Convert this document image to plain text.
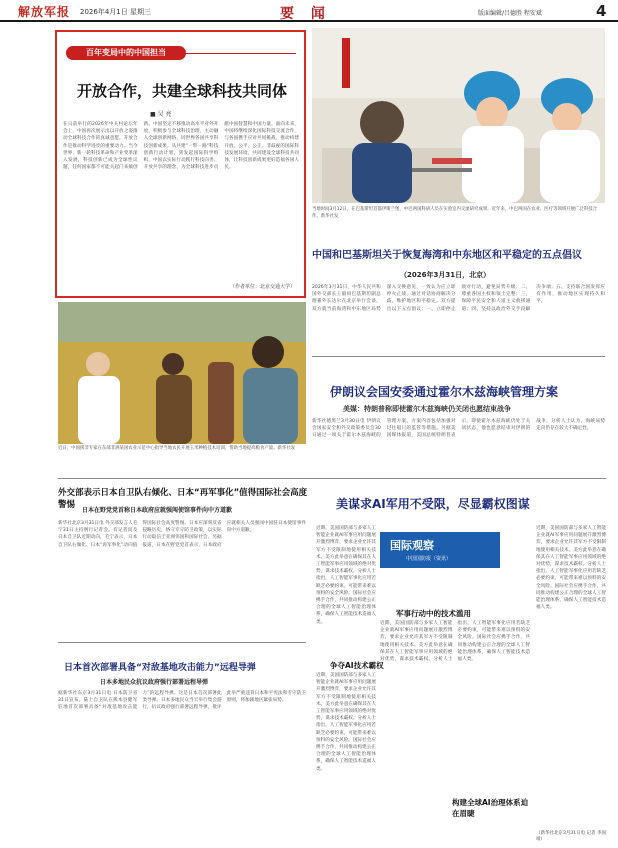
解放军报 2026年4月1日 星期三	要 闻	版面编辑/吕德胜 程安斌	4
百年变局中的中国担当
开放合作，共建全球科技共同体
■ 吴 亮
在日前举行的2026年中关村论坛年会上，中国再次展示出以开放之姿推动全球科技合作的真诚意愿。开放合作是推动科学进步的重要动力。当今世界，新一轮科技革命和产业变革深入发展，科技创新已成为全球性议题，任何国家都不可能关起门来搞创新。中国坚定不移推动高水平对外开放，积极参与全球科技治理，主动融入全球创新网络，同世界各国共享科技创新成果。从共建“一带一路”科技创新行动计划，到发起国际科学组织，中国以实际行动践行科技向善、开放共享的理念，为全球科技进步贡献中国智慧和中国力量。面向未来，中国将继续深化国际科技交流合作，与各国携手应对共同挑战，推动构建开放、公平、公正、非歧视的国际科技发展环境，共同建设全球科技共同体，让科技创新成果更好造福各国人民。
（作者单位：北京交通大学）
当地时间3月12日，在巴基斯坦首都伊斯兰堡，中巴两国科研人员在实验室内交流研究成果。近年来，中巴两国在农业、医疗等领域开展广泛科技合作。新华社发
中国和巴基斯坦关于恢复海湾和中东地区和平稳定的五点倡议
（2026年3月31日，北京）
2026年3月31日，中华人民共和国外交部长王毅同巴基斯坦副总理兼外长达尔在北京举行会谈。双方就当前海湾和中东地区局势深入交换意见，一致认为应立即停火止战，通过对话协商解决分歧，维护地区和平稳定。双方提出以下五点倡议：一、立即停止敌对行动，避免局势升级；二、尊重各国主权和领土完整；三、保障平民安全和人道主义救援通道；四、坚持以政治外交手段解决争端；五、支持联合国发挥应有作用，推动地区实现持久和平。
近日，中国援非专家在东部非洲某国农业示范中心指导当地农民开展玉米种植技术培训，帮助当地提高粮食产量。新华社发
伊朗议会国安委通过霍尔木兹海峡管理方案
美媒：特朗普称即使霍尔木兹海峡仍关闭也愿结束战争
新华社德黑兰3月30日电 伊朗议会国家安全和外交政策委员会30日通过一项关于霍尔木兹海峡的管理方案。方案内容包括加强对过往船只的监管等措施。另据美国媒体报道，美国总统特朗普表示，即使霍尔木兹海峡仍处于关闭状态，他也愿意结束对伊朗的战争。分析人士认为，海峡局势走向仍存在较大不确定性。
外交部表示日本自卫队右倾化、日本“再军事化”值得国际社会高度警惕
日本在野党党首称日本政府应就强闯使馆事件向中方道歉
新华社北京3月31日电 外交部发言人毛宁31日主持例行记者会。有记者问及日本自卫队近期动向，毛宁表示，日本自卫队右倾化、日本“再军事化”动向值得国际社会高度警惕。日本应深刻反省侵略历史，恪守专守防卫政策，以实际行动取信于亚洲邻国和国际社会。另据报道，日本在野党党首表示，日本政府应就相关人员强闯中国驻日本使馆事件向中方道歉。
日本首次部署具备“对敌基地攻击能力”远程导弹
日本多地民众抗议政府强行部署远程导弹
据新华社东京3月31日电 日本防卫省31日宣布，陆上自卫队在熊本县健军驻地首次部署具备“对敌基地攻击能力”的远程导弹。这是日本首次部署此类导弹。日本多地民众当天举行集会游行，抗议政府强行部署远程导弹，批评此举严重违背日本和平宪法和专守防卫原则，将加剧地区紧张局势。
美谋求AI军用不受限，尽显霸权图谋
国际观察
中国国防报（资讯）
近期，美国国防部与多家人工智能企业就AI军事应用问题展开激烈博弈，要求企业允许其军方不受限制地使用相关技术。美方此举意在确保其在人工智能军事应用领域的绝对优势，谋求技术霸权。分析人士指出，人工智能军事化应用若缺乏必要约束，可能带来难以预料的安全风险。国际社会应携手合作，共同推动构建公正合理的全球人工智能治理体系，确保人工智能技术造福人类。
军事行动中的技术滥用
争夺AI技术霸权
近期，美国国防部与多家人工智能企业就AI军事应用问题展开激烈博弈，要求企业允许其军方不受限制地使用相关技术。美方此举意在确保其在人工智能军事应用领域的绝对优势，谋求技术霸权。分析人士指出，人工智能军事化应用若缺乏必要约束，可能带来难以预料的安全风险。国际社会应携手合作，共同推动构建公正合理的全球人工智能治理体系，确保人工智能技术造福人类。
近期，美国国防部与多家人工智能企业就AI军事应用问题展开激烈博弈，要求企业允许其军方不受限制地使用相关技术。美方此举意在确保其在人工智能军事应用领域的绝对优势，谋求技术霸权。分析人士指出，人工智能军事化应用若缺乏必要约束，可能带来难以预料的安全风险。国际社会应携手合作，共同推动构建公正合理的全球人工智能治理体系，确保人工智能技术造福人类。
构建全球AI治理体系迫在眉睫
近期，美国国防部与多家人工智能企业就AI军事应用问题展开激烈博弈，要求企业允许其军方不受限制地使用相关技术。美方此举意在确保其在人工智能军事应用领域的绝对优势，谋求技术霸权。分析人士指出，人工智能军事化应用若缺乏必要约束，可能带来难以预料的安全风险。国际社会应携手合作，共同推动构建公正合理的全球人工智能治理体系，确保人工智能技术造福人类。
（新华社北京3月31日电 记者 李国靖）
